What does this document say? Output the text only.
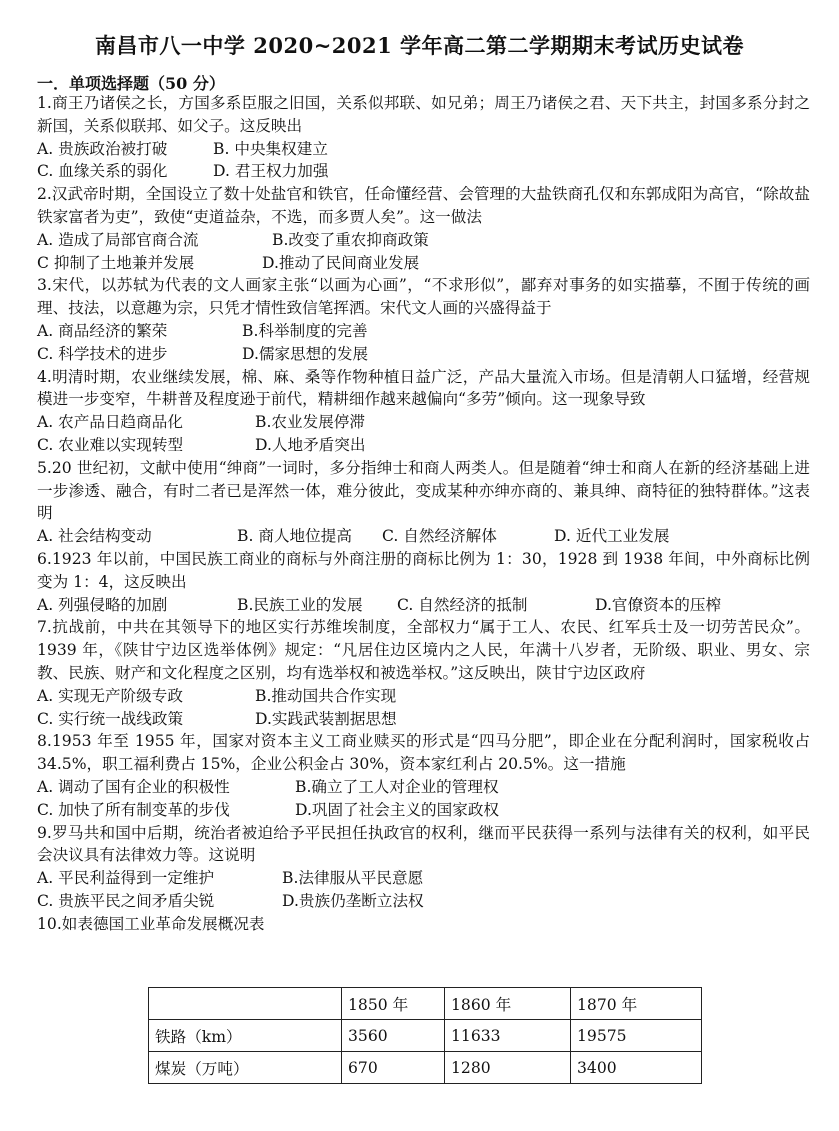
南昌市八一中学 2020~2021 学年高二第二学期期末考试历史试卷
一．单项选择题（50 分）
1.商王乃诸侯之长，方国多系臣服之旧国，关系似邦联、如兄弟；周王乃诸侯之君、天下共主，封国多系分封之新国，关系似联邦、如父子。这反映出
A. 贵族政治被打破	B. 中央集权建立
C. 血缘关系的弱化	D. 君王权力加强
2.汉武帝时期，全国设立了数十处盐官和铁官，任命懂经营、会管理的大盐铁商孔仅和东郭成阳为高官，“除故盐铁家富者为吏”，致使“吏道益杂，不选，而多贾人矣”。这一做法
A. 造成了局部官商合流	B.改变了重农抑商政策
C 抑制了土地兼并发展	D.推动了民间商业发展
3.宋代，以苏轼为代表的文人画家主张“以画为心画”，“不求形似”，鄙弃对事务的如实描摹，不囿于传统的画理、技法，以意趣为宗，只凭才情性致信笔挥洒。宋代文人画的兴盛得益于
A. 商品经济的繁荣	B.科举制度的完善
C. 科学技术的进步	D.儒家思想的发展
4.明清时期，农业继续发展，棉、麻、桑等作物种植日益广泛，产品大量流入市场。但是清朝人口猛增，经营规模进一步变窄，牛耕普及程度逊于前代，精耕细作越来越偏向“多劳”倾向。这一现象导致
A. 农产品日趋商品化	B.农业发展停滞
C. 农业难以实现转型	D.人地矛盾突出
5.20 世纪初，文献中使用“绅商”一词时，多分指绅士和商人两类人。但是随着“绅士和商人在新的经济基础上进一步渗透、融合，有时二者已是浑然一体，难分彼此，变成某种亦绅亦商的、兼具绅、商特征的独特群体。”这表明
A. 社会结构变动	B. 商人地位提高	C. 自然经济解体	D. 近代工业发展
6.1923 年以前，中国民族工商业的商标与外商注册的商标比例为 1：30，1928 到 1938 年间，中外商标比例变为 1：4，这反映出
A. 列强侵略的加剧	B.民族工业的发展	C. 自然经济的抵制	D.官僚资本的压榨
7.抗战前，中共在其领导下的地区实行苏维埃制度，全部权力“属于工人、农民、红军兵士及一切劳苦民众”。1939 年，《陕甘宁边区选举体例》规定：“凡居住边区境内之人民，年满十八岁者，无阶级、职业、男女、宗教、民族、财产和文化程度之区别，均有选举权和被选举权。”这反映出，陕甘宁边区政府
A. 实现无产阶级专政	B.推动国共合作实现
C. 实行统一战线政策	D.实践武装割据思想
8.1953 年至 1955 年，国家对资本主义工商业赎买的形式是“四马分肥”，即企业在分配利润时，国家税收占 34.5%，职工福利费占 15%，企业公积金占 30%，资本家红利占 20.5%。这一措施
A. 调动了国有企业的积极性	B.确立了工人对企业的管理权
C. 加快了所有制变革的步伐	D.巩固了社会主义的国家政权
9.罗马共和国中后期，统治者被迫给予平民担任执政官的权利，继而平民获得一系列与法律有关的权利，如平民会决议具有法律效力等。这说明
A. 平民利益得到一定维护	B.法律服从平民意愿
C. 贵族平民之间矛盾尖锐	D.贵族仍垄断立法权
10.如表德国工业革命发展概况表
	1850 年	1860 年	1870 年
铁路（km）	3560	11633	19575
煤炭（万吨）	670	1280	3400
